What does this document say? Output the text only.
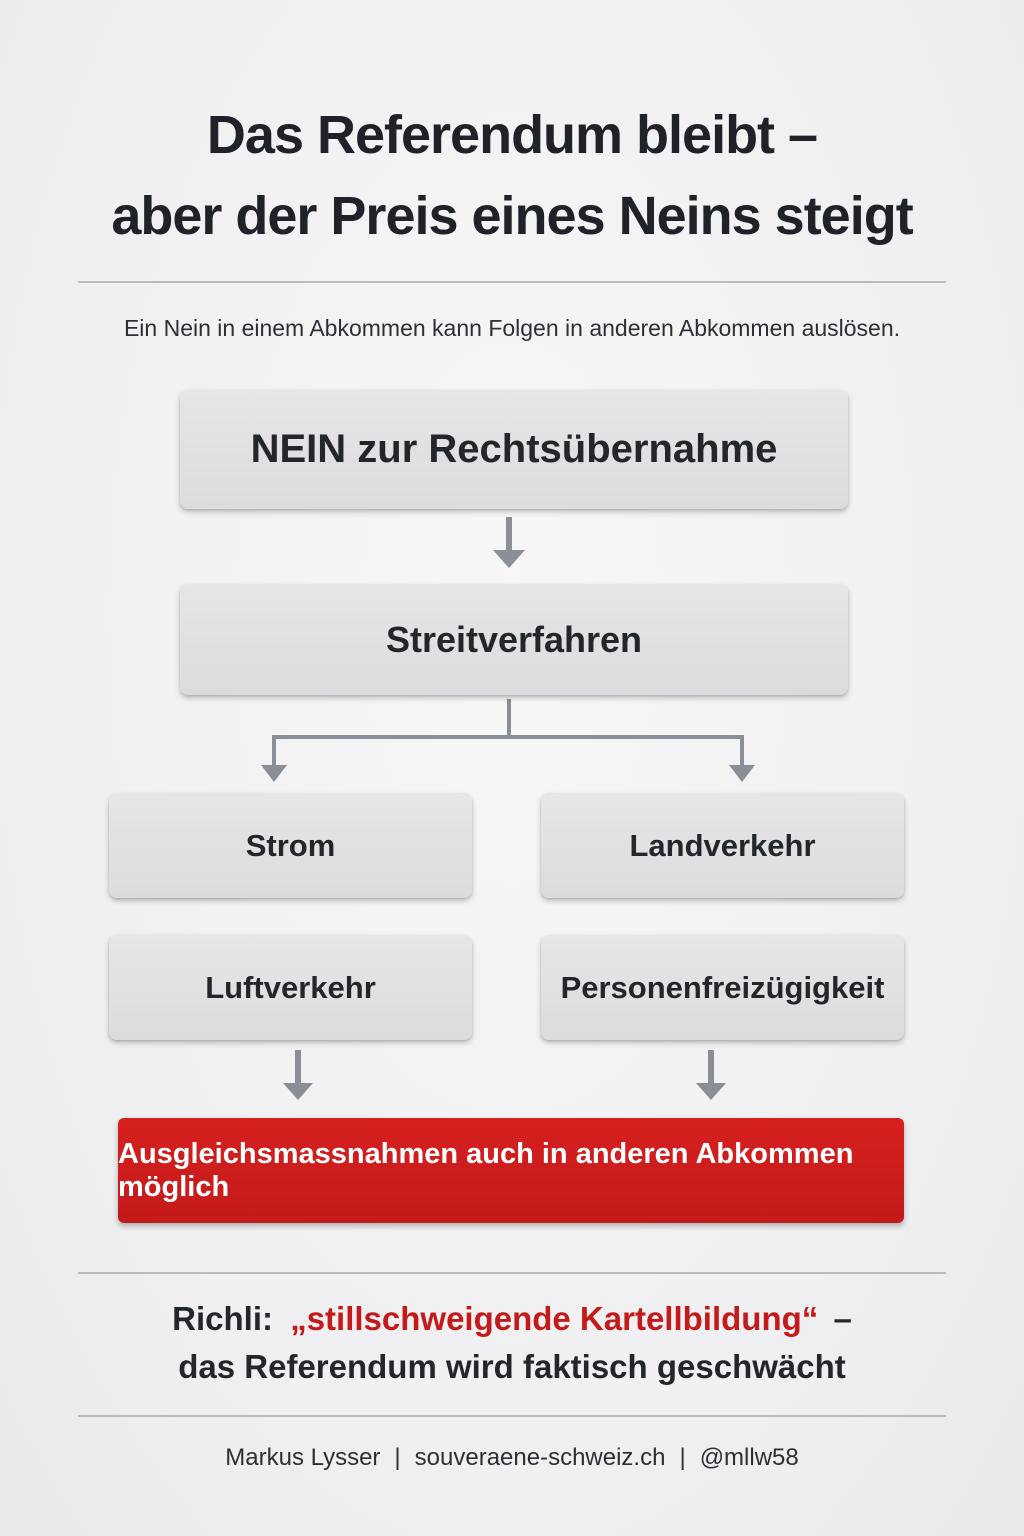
Das Referendum bleibt –
aber der Preis eines Neins steigt
Ein Nein in einem Abkommen kann Folgen in anderen Abkommen auslösen.
NEIN zur Rechtsübernahme
Streitverfahren
Strom	Landverkehr
Luftverkehr	Personenfreizügigkeit
Ausgleichsmassnahmen auch in anderen Abkommen möglich
Richli: „stillschweigende Kartellbildung“ –
das Referendum wird faktisch geschwächt
Markus Lysser | souveraene-schweiz.ch | @mllw58
